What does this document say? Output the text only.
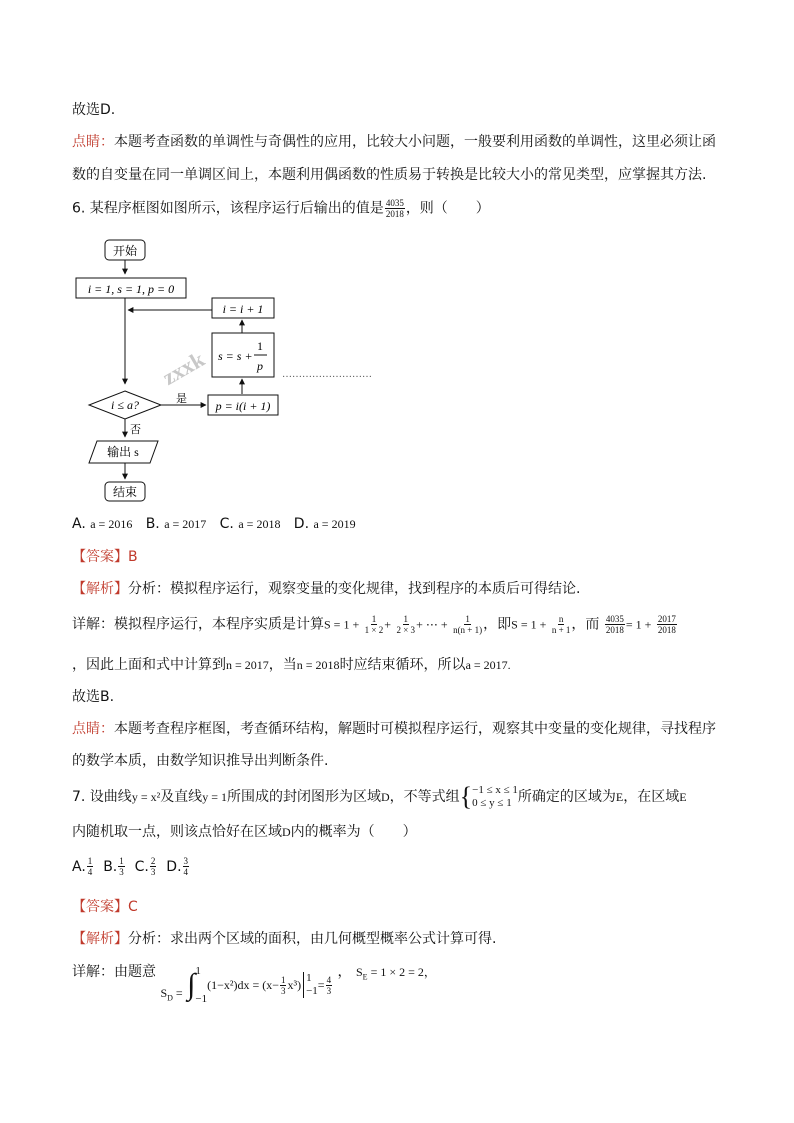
故选D.
点睛：本题考查函数的单调性与奇偶性的应用，比较大小问题，一般要利用函数的单调性，这里必须让函
数的自变量在同一单调区间上，本题利用偶函数的性质易于转换是比较大小的常见类型，应掌握其方法.
6. 某程序框图如图所示，该程序运行后输出的值是 $\frac{4035}{2018}$ ，则（　　）
开始
i = 1, s = 1, p = 0
i = i + 1
s = s +
1
p
zxxk	………………………
i ≤ a?	是 p = i(i + 1)
否
输出 s
结束
A. a = 2016 B. a = 2017 C. a = 2018 D. a = 2019
【答案】B
【解析】分析：模拟程序运行，观察变量的变化规律，找到程序的本质后可得结论.
详解：模拟程序运行，本程序实质是计算$S = 1 + \frac{1}{1 \times 2} + \frac{1}{2 \times 3}$ + ⋯ + $\frac{1}{n(n + 1)}$ ，即$S = 1 + \frac{n}{n + 1}$ ，而 $\frac{4035}{2018} = 1 + \frac{2017}{2018}$
，因此上面和式中计算到n = 2017，当n = 2018时应结束循环，所以a = 2017.
故选B.
点睛：本题考查程序框图，考查循环结构，解题时可模拟程序运行，观察其中变量的变化规律，寻找程序
的数学本质，由数学知识推导出判断条件.
7. 设曲线y = x²及直线y = 1所围成的封闭图形为区域D，不等式组 { −1 ≤ x ≤ 1
0 ≤ y ≤ 1 所确定的区域为E，在区域E
内随机取一点，则该点恰好在区域D内的概率为（　　）
A. $\frac{1}{4} B$. $\frac{1}{3} C$. $\frac{2}{3} D$. $\frac{3}{4}$
【答案】C
【解析】分析：求出两个区域的面积，由几何概型概率公式计算可得.
详解：由题意 $S_D$ = ∫ 1
−1
$(1-x^2)dx = (x- \frac{1}{3} x^3)$ 1
$-1 = \frac{4}{3}$
， $S_E = 1 \times 2 = 2$，
